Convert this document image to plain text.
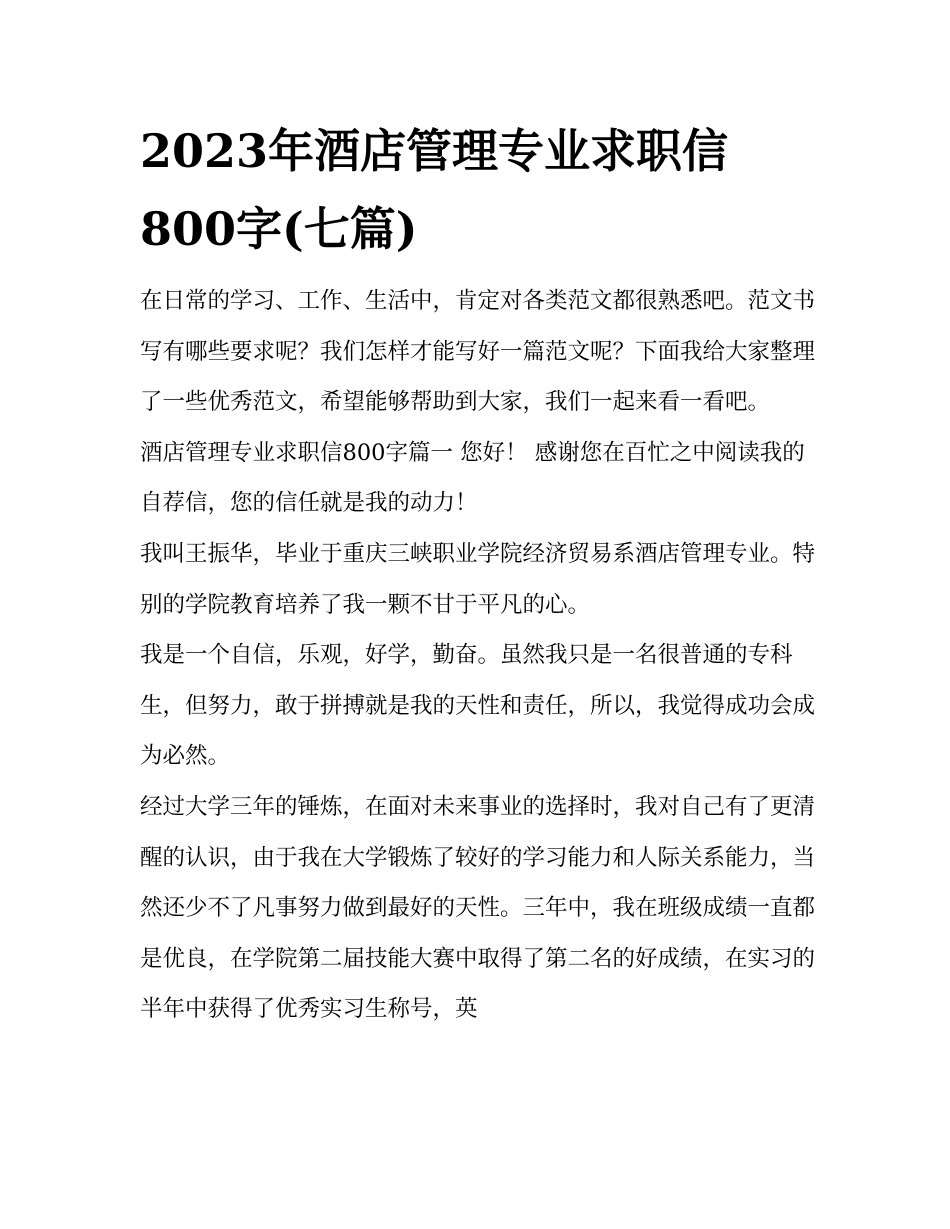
2023年酒店管理专业求职信
800字(七篇)

在日常的学习、工作、生活中，肯定对各类范文都很熟悉吧。范文书写有哪些要求呢？我们怎样才能写好一篇范文呢？下面我给大家整理了一些优秀范文，希望能够帮助到大家，我们一起来看一看吧。

酒店管理专业求职信800字篇一 您好！ 感谢您在百忙之中阅读我的自荐信，您的信任就是我的动力！

我叫王振华，毕业于重庆三峡职业学院经济贸易系酒店管理专业。特别的学院教育培养了我一颗不甘于平凡的心。

我是一个自信，乐观，好学，勤奋。虽然我只是一名很普通的专科生，但努力，敢于拼搏就是我的天性和责任，所以，我觉得成功会成为必然。

经过大学三年的锤炼，在面对未来事业的选择时，我对自己有了更清醒的认识，由于我在大学锻炼了较好的学习能力和人际关系能力，当然还少不了凡事努力做到最好的天性。三年中，我在班级成绩一直都是优良，在学院第二届技能大赛中取得了第二名的好成绩，在实习的半年中获得了优秀实习生称号，英
